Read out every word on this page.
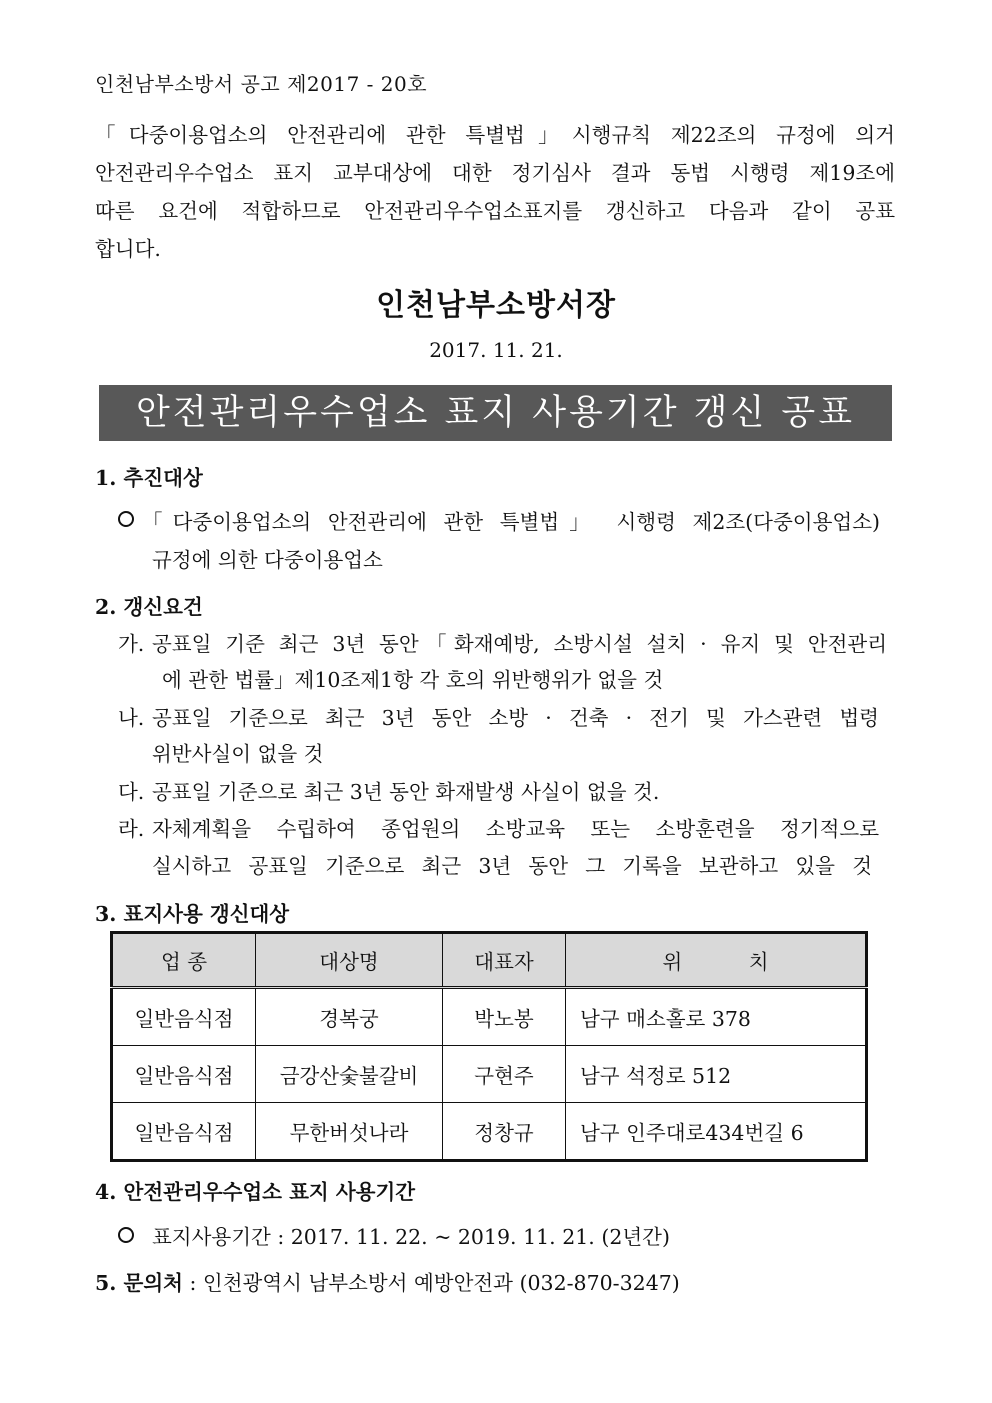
인천남부소방서 공고 제2017 - 20호
「다중이용업소의 안전관리에 관한 특별법」시행규칙 제22조의 규정에 의거
안전관리우수업소 표지 교부대상에 대한 정기심사 결과 동법 시행령 제19조에
따른 요건에 적합하므로 안전관리우수업소표지를 갱신하고 다음과 같이 공표
합니다.
인천남부소방서장
2017. 11. 21.
안전관리우수업소 표지 사용기간 갱신 공표
1. 추진대상
「다중이용업소의 안전관리에 관한 특별법」 시행령 제2조(다중이용업소)
규정에 의한 다중이용업소
2. 갱신요건
가. 공표일 기준 최근 3년 동안「화재예방, 소방시설 설치 · 유지 및 안전관리
에 관한 법률」제10조제1항 각 호의 위반행위가 없을 것
나. 공표일 기준으로 최근 3년 동안 소방 · 건축 · 전기 및 가스관련 법령
위반사실이 없을 것
다. 공표일 기준으로 최근 3년 동안 화재발생 사실이 없을 것.
라. 자체계획을 수립하여 종업원의 소방교육 또는 소방훈련을 정기적으로
실시하고 공표일 기준으로 최근 3년 동안 그 기록을 보관하고 있을 것
3. 표지사용 갱신대상
업 종	대상명	대표자	위 치
일반음식점	경복궁	박노봉	남구 매소홀로 378
일반음식점	금강산숯불갈비	구현주	남구 석정로 512
일반음식점	무한버섯나라	정창규	남구 인주대로434번길 6
4. 안전관리우수업소 표지 사용기간
표지사용기간 : 2017. 11. 22. ~ 2019. 11. 21. (2년간)
5. 문의처 : 인천광역시 남부소방서 예방안전과 (032-870-3247)
